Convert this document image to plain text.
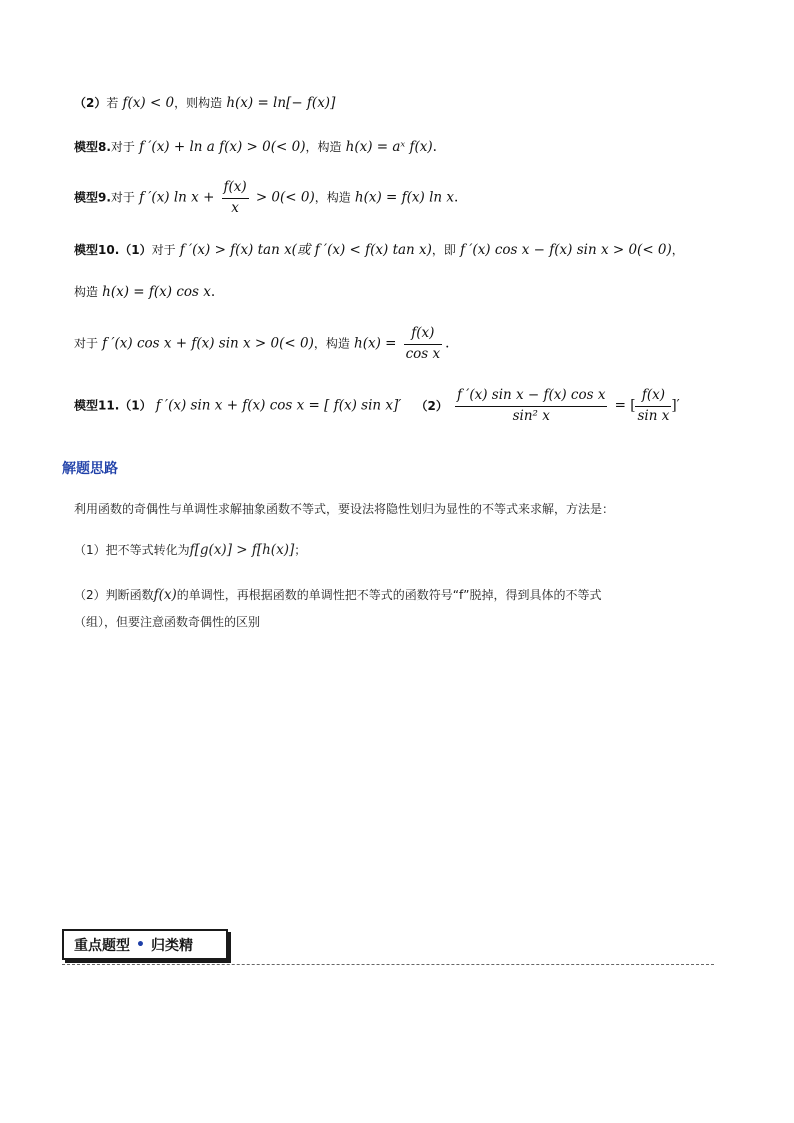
（2）若 f(x) < 0，则构造 h(x) = ln[− f(x)]
模型8.对于 f ′(x) + ln a f(x) > 0(< 0)，构造 h(x) = aˣ f(x).
模型9.对于 f ′(x) $\ln x + \frac{f(x)}{x} > 0(< 0)$，构造 h(x) = f(x) ln x.
模型10.（1）对于 f ′(x) > f(x) tan x(或 f ′(x) < f(x) tan x)，即 f ′(x) cos x − f(x) sin x > 0(< 0)，
构造 h(x) = f(x) cos x.
对于 f ′(x) cos x + f(x) sin x > 0(< 0)，构造 $h(x) = \frac{f(x)}{\text{cos x}}$ .
模型11.（1） f ′(x) sin x + f(x) cos x = [ f(x) sin x]′ $(2) \frac{\text{f ′(x) sin x − f(x) cos x}}{\text{sin² x}}$ = [ $\frac{f(x)}{\text{sin x}}$ ]′
解题思路
利用函数的奇偶性与单调性求解抽象函数不等式，要设法将隐性划归为显性的不等式来求解，方法是：
（1）把不等式转化为f[g(x)] > f[h(x)]；
（2）判断函数f(x)的单调性，再根据函数的单调性把不等式的函数符号“f”脱掉，得到具体的不等式
（组），但要注意函数奇偶性的区别
重点题型 • 归类精
